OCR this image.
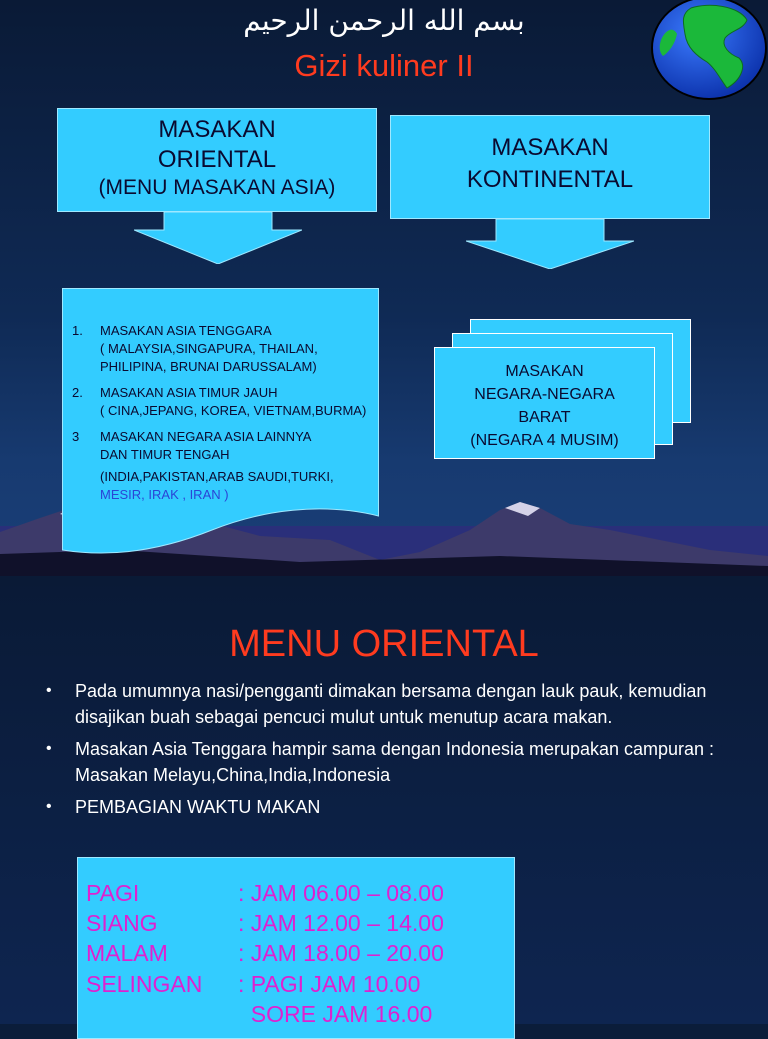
بسم الله الرحمن الرحيم
Gizi kuliner II
MASAKAN
ORIENTAL
(MENU MASAKAN ASIA)
MASAKAN
KONTINENTAL
1. MASAKAN ASIA TENGGARA
( MALAYSIA,SINGAPURA, THAILAN,
PHILIPINA, BRUNAI DARUSSALAM)
2. MASAKAN ASIA TIMUR JAUH
( CINA,JEPANG, KOREA, VIETNAM,BURMA)
3 MASAKAN NEGARA ASIA LAINNYA
DAN TIMUR TENGAH
(INDIA,PAKISTAN,ARAB SAUDI,TURKI,
MESIR, IRAK , IRAN )
MASAKAN
NEGARA-NEGARA
BARAT
(NEGARA 4 MUSIM)
MENU ORIENTAL
• Pada umumnya nasi/pengganti dimakan bersama dengan lauk pauk, kemudian disajikan buah sebagai pencuci mulut untuk menutup acara makan.
• Masakan Asia Tenggara hampir sama dengan Indonesia merupakan campuran : Masakan Melayu,China,India,Indonesia
• PEMBAGIAN WAKTU MAKAN
PAGI	: JAM 06.00 – 08.00
SIANG	: JAM 12.00 – 14.00
MALAM	: JAM 18.00 – 20.00
SELINGAN : PAGI JAM 10.00
SORE JAM 16.00
